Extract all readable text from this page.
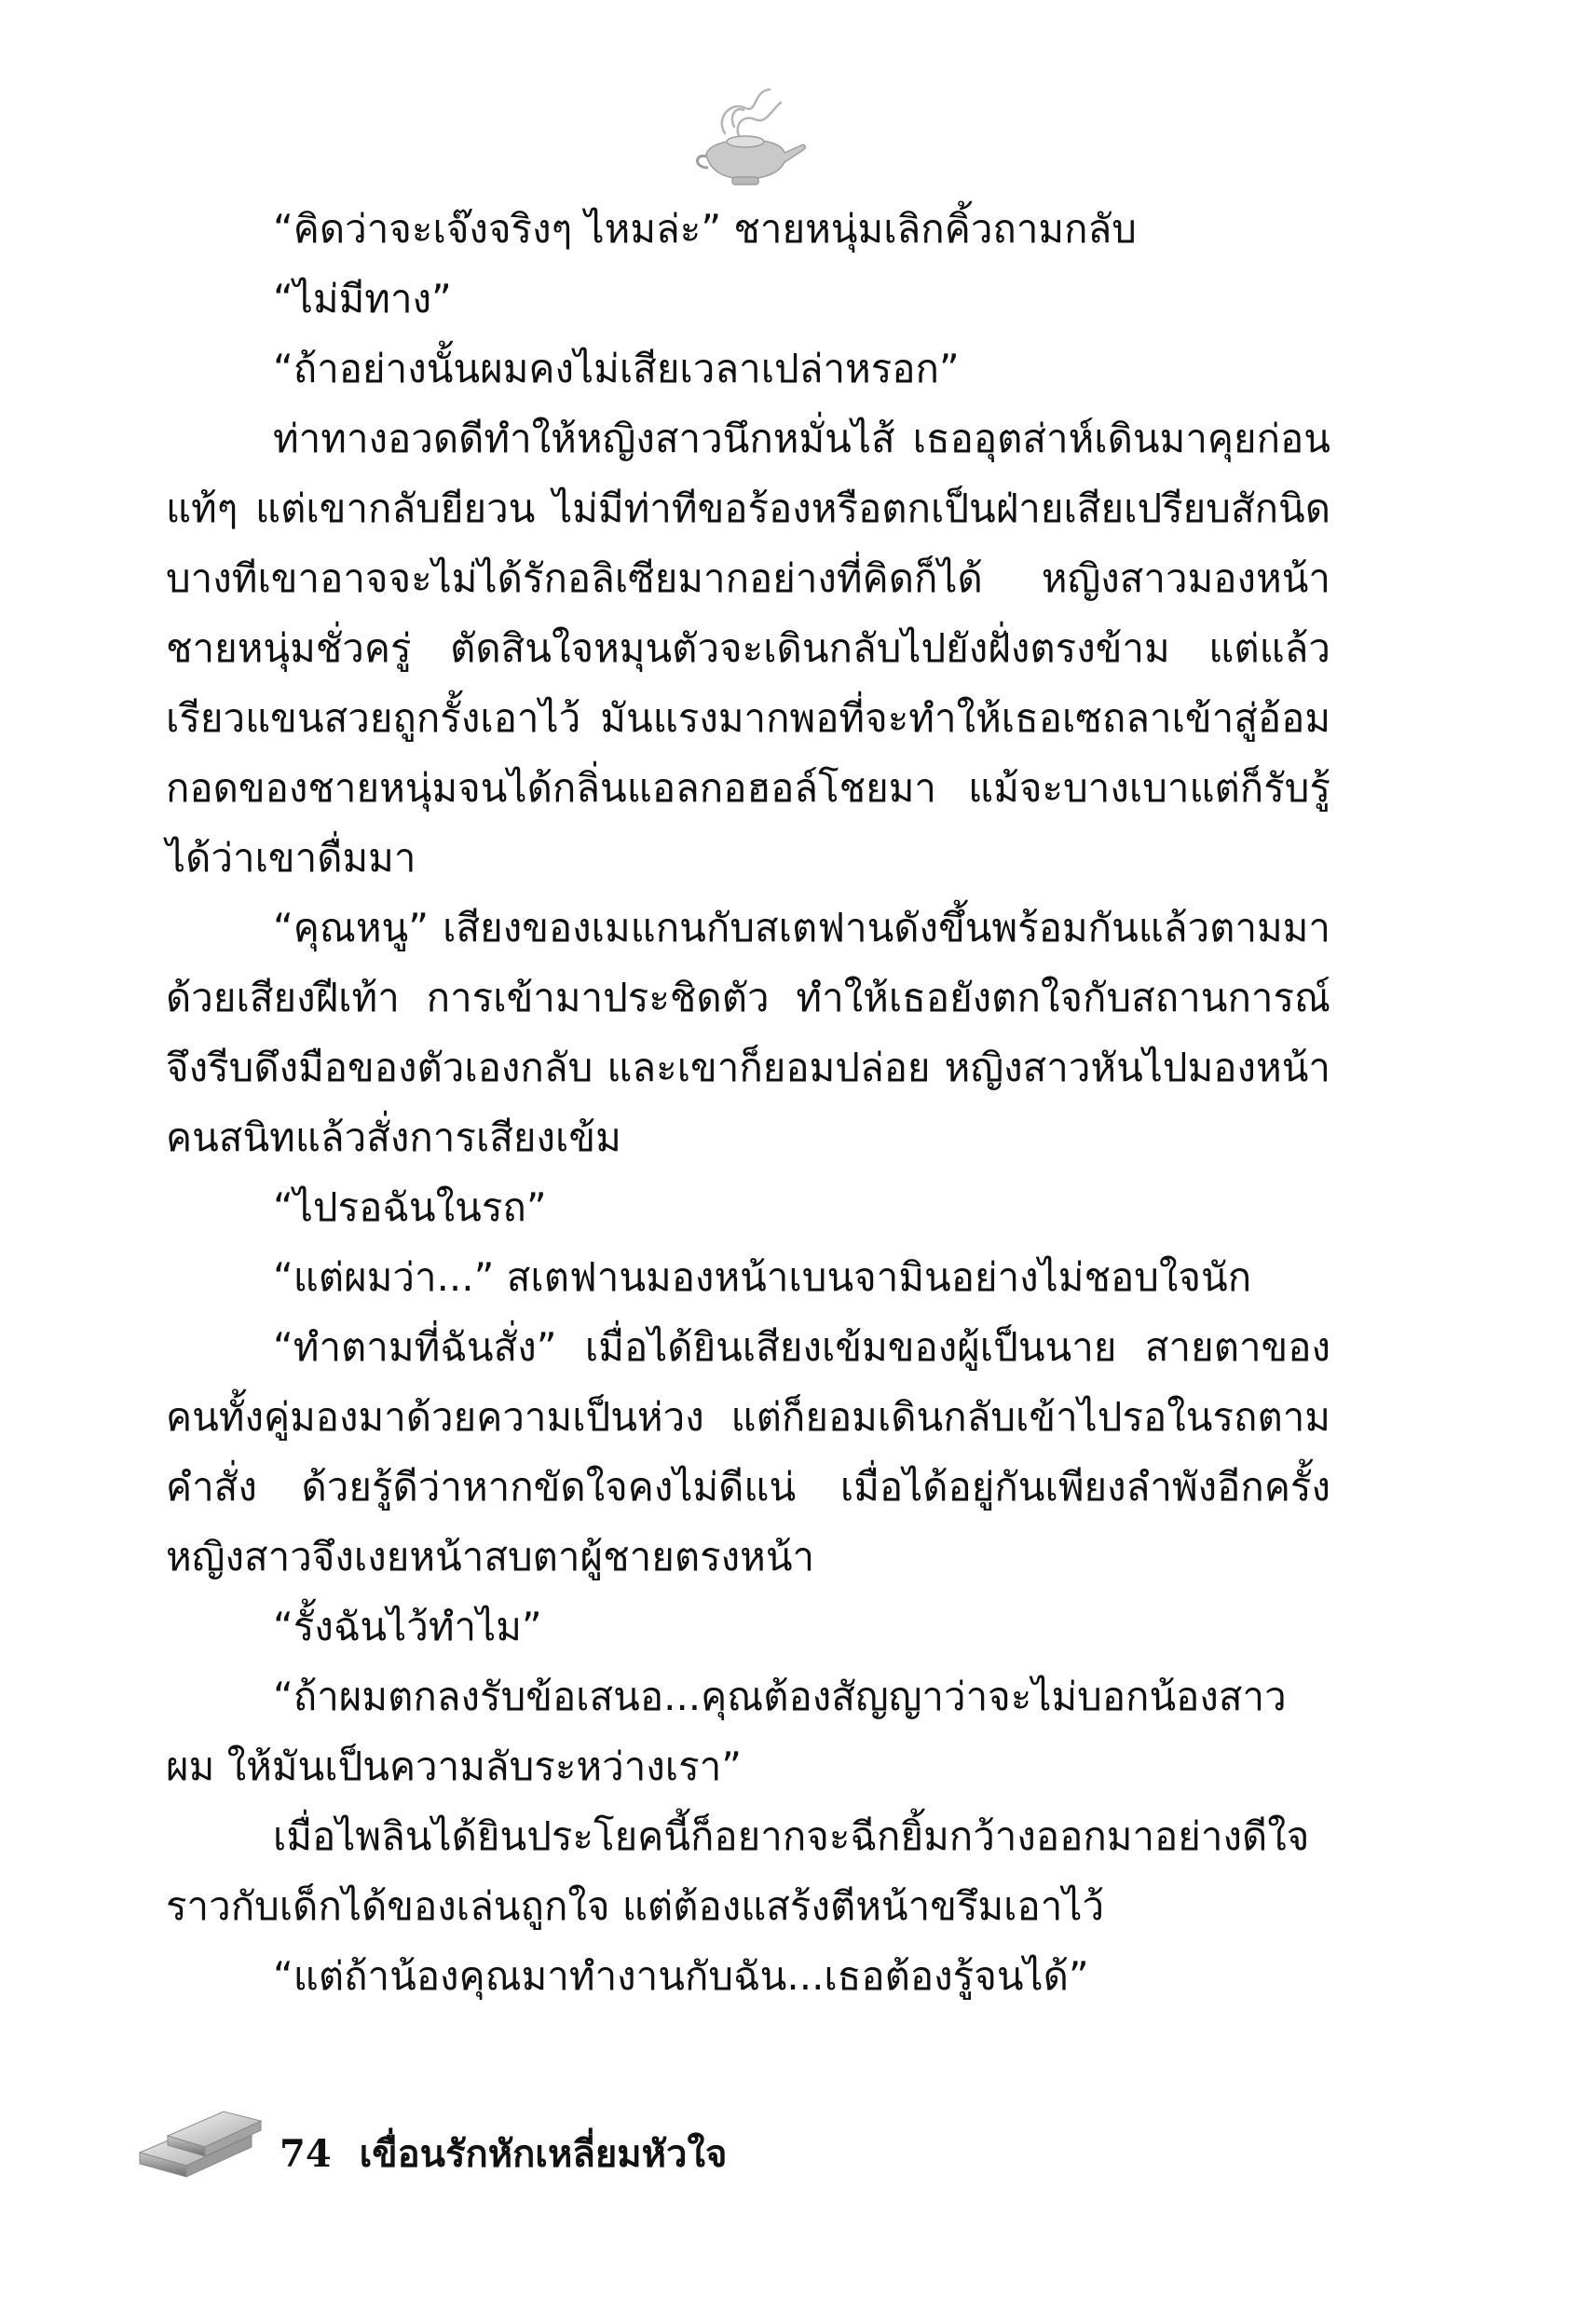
“คิดว่าจะเจ๊งจริงๆ ไหมล่ะ” ชายหนุ่มเลิกคิ้วถามกลับ

“ไม่มีทาง”

“ถ้าอย่างนั้นผมคงไม่เสียเวลาเปล่าหรอก”

ท่าทางอวดดีทำให้หญิงสาวนึกหมั่นไส้ เธออุตส่าห์เดินมาคุยก่อนแท้ๆ แต่เขากลับยียวน ไม่มีท่าทีขอร้องหรือตกเป็นฝ่ายเสียเปรียบสักนิด บางทีเขาอาจจะไม่ได้รักอลิเซียมากอย่างที่คิดก็ได้ หญิงสาวมองหน้าชายหนุ่มชั่วครู่ ตัดสินใจหมุนตัวจะเดินกลับไปยังฝั่งตรงข้าม แต่แล้วเรียวแขนสวยถูกรั้งเอาไว้ มันแรงมากพอที่จะทำให้เธอเซถลาเข้าสู่อ้อมกอดของชายหนุ่มจนได้กลิ่นแอลกอฮอล์โชยมา แม้จะบางเบาแต่ก็รับรู้ได้ว่าเขาดื่มมา

“คุณหนู” เสียงของเมแกนกับสเตฟานดังขึ้นพร้อมกันแล้วตามมาด้วยเสียงฝีเท้า การเข้ามาประชิดตัว ทำให้เธอยังตกใจกับสถานการณ์ จึงรีบดึงมือของตัวเองกลับ และเขาก็ยอมปล่อย หญิงสาวหันไปมองหน้าคนสนิทแล้วสั่งการเสียงเข้ม

“ไปรอฉันในรถ”

“แต่ผมว่า...” สเตฟานมองหน้าเบนจามินอย่างไม่ชอบใจนัก

“ทำตามที่ฉันสั่ง” เมื่อได้ยินเสียงเข้มของผู้เป็นนาย สายตาของคนทั้งคู่มองมาด้วยความเป็นห่วง แต่ก็ยอมเดินกลับเข้าไปรอในรถตามคำสั่ง ด้วยรู้ดีว่าหากขัดใจคงไม่ดีแน่ เมื่อได้อยู่กันเพียงลำพังอีกครั้ง หญิงสาวจึงเงยหน้าสบตาผู้ชายตรงหน้า

“รั้งฉันไว้ทำไม”

“ถ้าผมตกลงรับข้อเสนอ...คุณต้องสัญญาว่าจะไม่บอกน้องสาวผม ให้มันเป็นความลับระหว่างเรา”

เมื่อไพลินได้ยินประโยคนี้ก็อยากจะฉีกยิ้มกว้างออกมาอย่างดีใจราวกับเด็กได้ของเล่นถูกใจ แต่ต้องแสร้งตีหน้าขรึมเอาไว้

“แต่ถ้าน้องคุณมาทำงานกับฉัน...เธอต้องรู้จนได้”

74 เขื่อนรักหักเหลี่ยมหัวใจ
